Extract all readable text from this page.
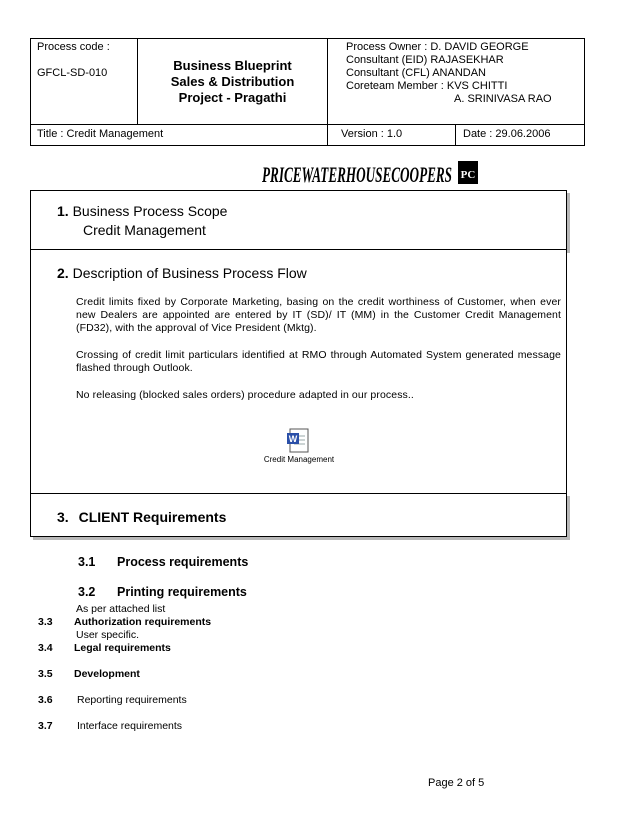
Process code :
GFCL-SD-010	Business Blueprint
Sales & Distribution
Project - Pragathi
Process Owner : D. DAVID GEORGE
Consultant (EID) RAJASEKHAR
Consultant (CFL) ANANDAN
Coreteam Member : KVS CHITTI
A. SRINIVASA RAO
Title : Credit Management	Version : 1.0	Date : 29.06.2006
PRICEWATERHOUSECOOPERS PC
1. Business Process Scope
Credit Management
2. Description of Business Process Flow
Credit limits fixed by Corporate Marketing, basing on the credit worthiness of Customer, when ever new Dealers are appointed are entered by IT (SD)/ IT (MM) in the Customer Credit Management (FD32), with the approval of Vice President (Mktg).
Crossing of credit limit particulars identified at RMO through Automated System generated message flashed through Outlook.
No releasing (blocked sales orders) procedure adapted in our process..
W
Credit Management
3. CLIENT Requirements
3.1 Process requirements
3.2 Printing requirements
As per attached list
3.3 Authorization requirements
User specific.
3.4 Legal requirements
3.5 Development
3.6 Reporting requirements
3.7 Interface requirements
Page 2 of 5
